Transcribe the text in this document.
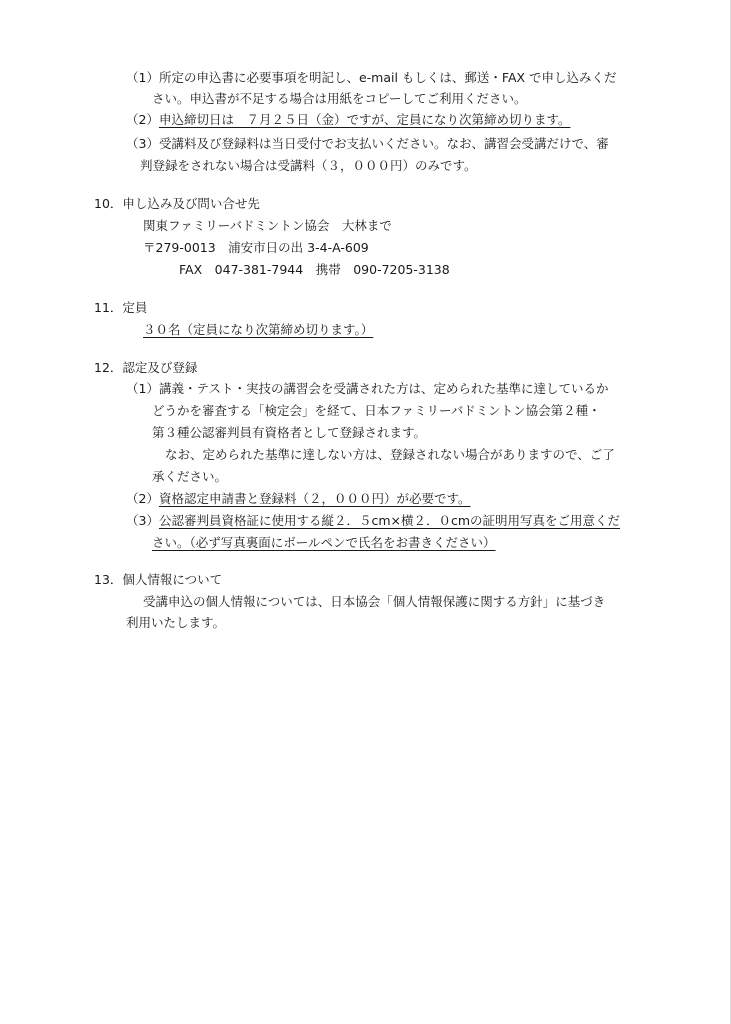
（1）所定の申込書に必要事項を明記し、e-mail もしくは、郵送・FAX で申し込みくだ
さい。申込書が不足する場合は用紙をコピーしてご利用ください。
（2）申込締切日は　７月２５日（金）ですが、定員になり次第締め切ります。
（3）受講料及び登録料は当日受付でお支払いください。なお、講習会受講だけで、審
判登録をされない場合は受講料（３，０００円）のみです。
10．申し込み及び問い合せ先
関東ファミリーバドミントン協会　大林まで
〒279-0013　浦安市日の出 3-4-A-609
FAX　047-381-7944　携帯　090-7205-3138
11．定員
３０名（定員になり次第締め切ります。）
12．認定及び登録
（1）講義・テスト・実技の講習会を受講された方は、定められた基準に達しているか
どうかを審査する「検定会」を経て、日本ファミリーバドミントン協会第２種・
第３種公認審判員有資格者として登録されます。
なお、定められた基準に達しない方は、登録されない場合がありますので、ご了
承ください。
（2）資格認定申請書と登録料（２，０００円）が必要です。
（3）公認審判員資格証に使用する縦２．５cm×横２．０cmの証明用写真をご用意くだ
さい。（必ず写真裏面にボールペンで氏名をお書きください）
13．個人情報について
受講申込の個人情報については、日本協会「個人情報保護に関する方針」に基づき
利用いたします。
